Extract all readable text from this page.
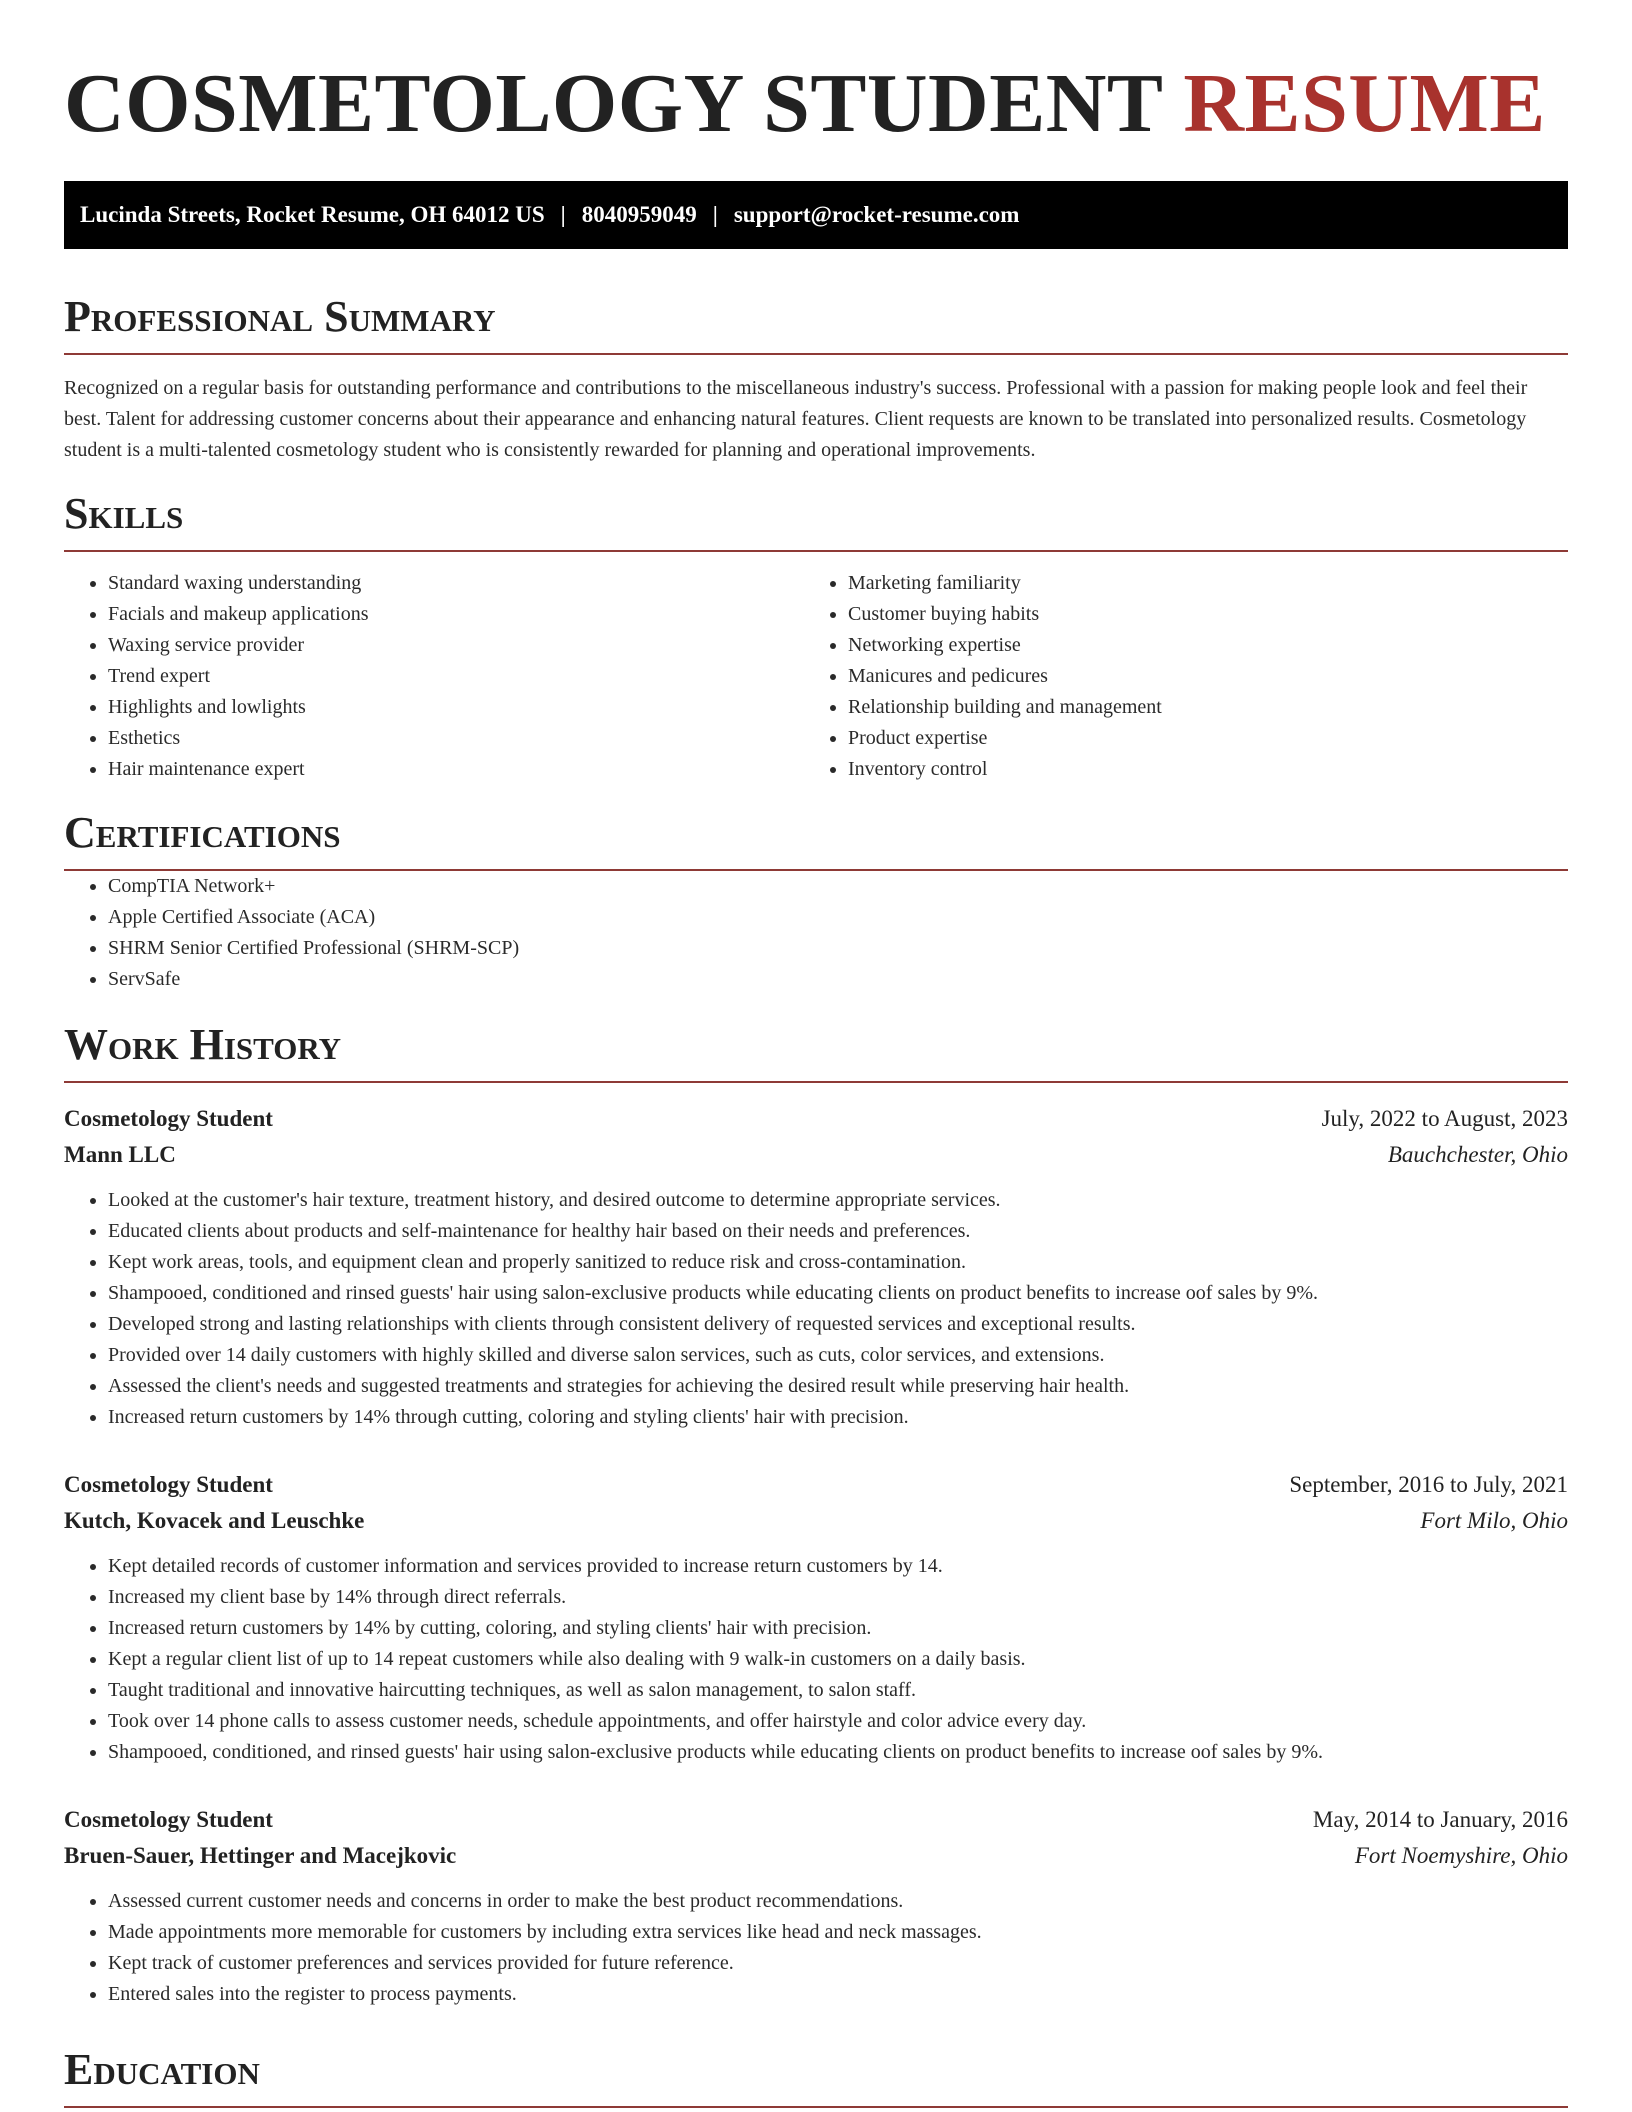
COSMETOLOGY STUDENT RESUME
Lucinda Streets, Rocket Resume, OH 64012 US | 8040959049 | support@rocket-resume.com
Professional Summary

Recognized on a regular basis for outstanding performance and contributions to the miscellaneous industry's success. Professional with a passion for making people look and feel their best. Talent for addressing customer concerns about their appearance and enhancing natural features. Client requests are known to be translated into personalized results. Cosmetology student is a multi-talented cosmetology student who is consistently rewarded for planning and operational improvements.

Skills
• Standard waxing understanding
• Facials and makeup applications
• Waxing service provider
• Trend expert
• Highlights and lowlights
• Esthetics
• Hair maintenance expert
• Marketing familiarity
• Customer buying habits
• Networking expertise
• Manicures and pedicures
• Relationship building and management
• Product expertise
• Inventory control
Certifications
• CompTIA Network+
• Apple Certified Associate (ACA)
• SHRM Senior Certified Professional (SHRM-SCP)
• ServSafe
Work History
Cosmetology Student	July, 2022 to August, 2023
Mann LLC	Bauchchester, Ohio
• Looked at the customer's hair texture, treatment history, and desired outcome to determine appropriate services.
• Educated clients about products and self-maintenance for healthy hair based on their needs and preferences.
• Kept work areas, tools, and equipment clean and properly sanitized to reduce risk and cross-contamination.
• Shampooed, conditioned and rinsed guests' hair using salon-exclusive products while educating clients on product benefits to increase oof sales by 9%.
• Developed strong and lasting relationships with clients through consistent delivery of requested services and exceptional results.
• Provided over 14 daily customers with highly skilled and diverse salon services, such as cuts, color services, and extensions.
• Assessed the client's needs and suggested treatments and strategies for achieving the desired result while preserving hair health.
• Increased return customers by 14% through cutting, coloring and styling clients' hair with precision.
Cosmetology Student	September, 2016 to July, 2021
Kutch, Kovacek and Leuschke	Fort Milo, Ohio
• Kept detailed records of customer information and services provided to increase return customers by 14.
• Increased my client base by 14% through direct referrals.
• Increased return customers by 14% by cutting, coloring, and styling clients' hair with precision.
• Kept a regular client list of up to 14 repeat customers while also dealing with 9 walk-in customers on a daily basis.
• Taught traditional and innovative haircutting techniques, as well as salon management, to salon staff.
• Took over 14 phone calls to assess customer needs, schedule appointments, and offer hairstyle and color advice every day.
• Shampooed, conditioned, and rinsed guests' hair using salon-exclusive products while educating clients on product benefits to increase oof sales by 9%.
Cosmetology Student	May, 2014 to January, 2016
Bruen-Sauer, Hettinger and Macejkovic	Fort Noemyshire, Ohio
• Assessed current customer needs and concerns in order to make the best product recommendations.
• Made appointments more memorable for customers by including extra services like head and neck massages.
• Kept track of customer preferences and services provided for future reference.
• Entered sales into the register to process payments.
Education
